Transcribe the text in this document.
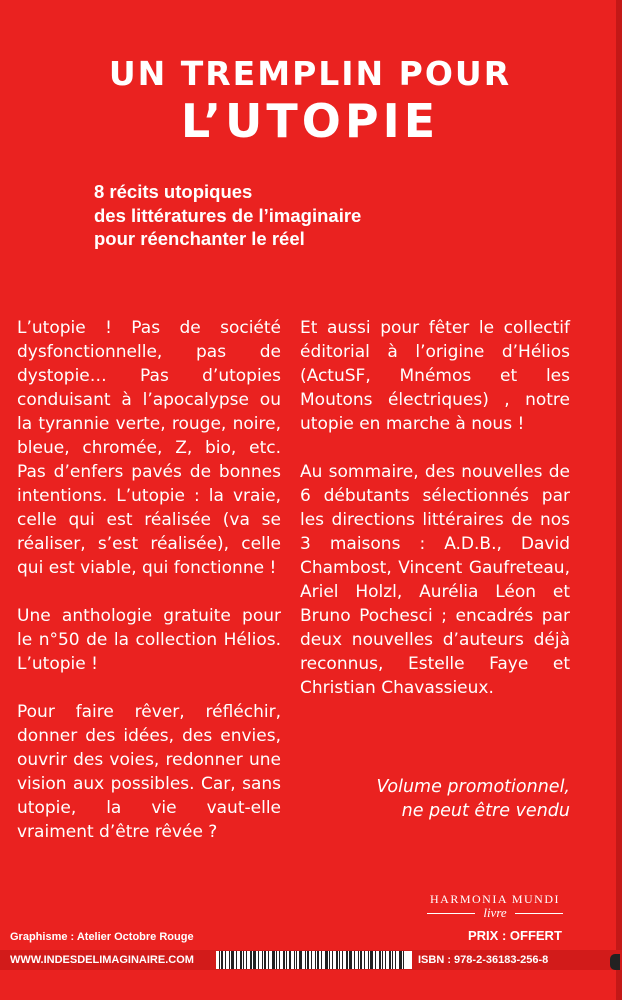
UN TREMPLIN POUR
L’UTOPIE
8 récits utopiques
des littératures de l’imaginaire
pour réenchanter le réel

L’utopie ! Pas de société dysfonctionnelle, pas de dystopie… Pas d’utopies conduisant à l’apocalypse ou la tyrannie verte, rouge, noire, bleue, chromée, Z, bio, etc. Pas d’enfers pavés de bonnes intentions. L’utopie : la vraie, celle qui est réalisée (va se réaliser, s’est réalisée), celle qui est viable, qui fonctionne !

Une anthologie gratuite pour le n°50 de la collection Hélios. L’utopie !

Pour faire rêver, réfléchir, donner des idées, des envies, ouvrir des voies, redonner une vision aux possibles. Car, sans utopie, la vie vaut-elle vraiment d’être rêvée ?

Et aussi pour fêter le collectif éditorial à l’origine d’Hélios (ActuSF, Mnémos et les Moutons électriques) , notre utopie en marche à nous !

Au sommaire, des nouvelles de 6 débutants sélectionnés par les directions littéraires de nos 3 maisons : A.D.B., David Chambost, Vincent Gaufreteau, Ariel Holzl, Aurélia Léon et Bruno Pochesci ; encadrés par deux nouvelles d’auteurs déjà reconnus, Estelle Faye et Christian Chavassieux.

Volume promotionnel,
ne peut être vendu
HARMONIA MUNDI
livre
Graphisme : Atelier Octobre Rouge	PRIX : OFFERT
WWW.INDESDELIMAGINAIRE.COM	ISBN : 978-2-36183-256-8
